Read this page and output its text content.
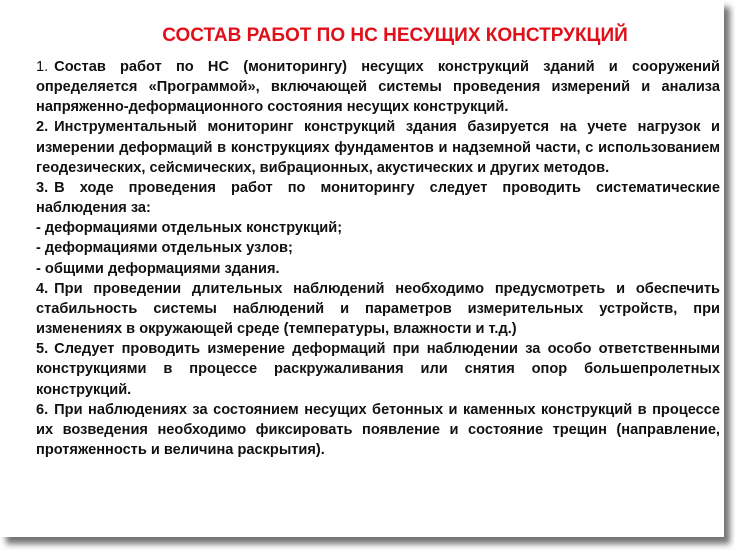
СОСТАВ РАБОТ ПО НС НЕСУЩИХ КОНСТРУКЦИЙ

1. Состав работ по НС (мониторингу) несущих конструкций зданий и сооружений определяется «Программой», включающей системы проведения измерений и анализа напряженно-деформационного состояния несущих конструкций.

2. Инструментальный мониторинг конструкций здания базируется на учете нагрузок и измерении деформаций в конструкциях фундаментов и надземной части, с использованием геодезических, сейсмических, вибрационных, акустических и других методов.

3. В ходе проведения работ по мониторингу следует проводить систематические наблюдения за:

- деформациями отдельных конструкций;

- деформациями отдельных узлов;

- общими деформациями здания.

4. При проведении длительных наблюдений необходимо предусмотреть и обеспечить стабильность системы наблюдений и параметров измерительных устройств, при изменениях в окружающей среде (температуры, влажности и т.д.)

5. Следует проводить измерение деформаций при наблюдении за особо ответственными конструкциями в процессе раскружаливания или снятия опор большепролетных конструкций.

6. При наблюдениях за состоянием несущих бетонных и каменных конструкций в процессе их возведения необходимо фиксировать появление и состояние трещин (направление, протяженность и величина раскрытия).
